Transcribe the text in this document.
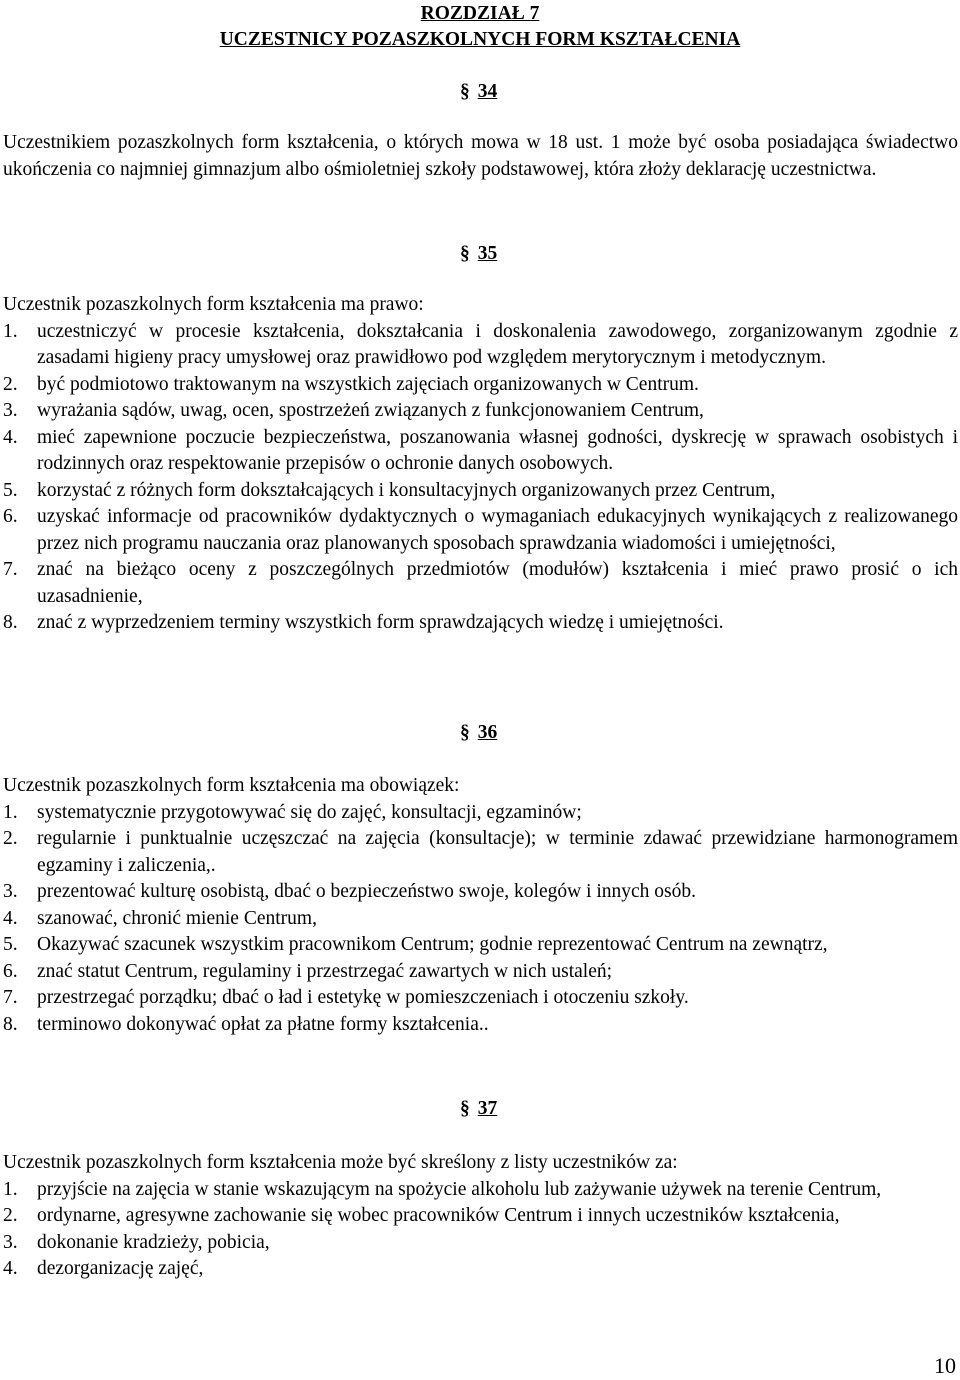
ROZDZIAŁ 7
UCZESTNICY POZASZKOLNYCH FORM KSZTAŁCENIA
§ 34

Uczestnikiem pozaszkolnych form kształcenia, o których mowa w 18 ust. 1 może być osoba posiadająca świadectwo ukończenia co najmniej gimnazjum albo ośmioletniej szkoły podstawowej, która złoży deklarację uczestnictwa.

§ 35

Uczestnik pozaszkolnych form kształcenia ma prawo:

1. uczestniczyć w procesie kształcenia, dokształcania i doskonalenia zawodowego, zorganizowanym zgodnie z zasadami higieny pracy umysłowej oraz prawidłowo pod względem merytorycznym i metodycznym.
2. być podmiotowo traktowanym na wszystkich zajęciach organizowanych w Centrum.
3. wyrażania sądów, uwag, ocen, spostrzeżeń związanych z funkcjonowaniem Centrum,
4. mieć zapewnione poczucie bezpieczeństwa, poszanowania własnej godności, dyskrecję w sprawach osobistych i rodzinnych oraz respektowanie przepisów o ochronie danych osobowych.
5. korzystać z różnych form dokształcających i konsultacyjnych organizowanych przez Centrum,
6. uzyskać informacje od pracowników dydaktycznych o wymaganiach edukacyjnych wynikających z realizowanego przez nich programu nauczania oraz planowanych sposobach sprawdzania wiadomości i umiejętności,
7. znać na bieżąco oceny z poszczególnych przedmiotów (modułów) kształcenia i mieć prawo prosić o ich uzasadnienie,
8. znać z wyprzedzeniem terminy wszystkich form sprawdzających wiedzę i umiejętności.
§ 36

Uczestnik pozaszkolnych form kształcenia ma obowiązek:

1. systematycznie przygotowywać się do zajęć, konsultacji, egzaminów;
2. regularnie i punktualnie uczęszczać na zajęcia (konsultacje); w terminie zdawać przewidziane harmonogramem egzaminy i zaliczenia,.
3. prezentować kulturę osobistą, dbać o bezpieczeństwo swoje, kolegów i innych osób.
4. szanować, chronić mienie Centrum,
5. Okazywać szacunek wszystkim pracownikom Centrum; godnie reprezentować Centrum na zewnątrz,
6. znać statut Centrum, regulaminy i przestrzegać zawartych w nich ustaleń;
7. przestrzegać porządku; dbać o ład i estetykę w pomieszczeniach i otoczeniu szkoły.
8. terminowo dokonywać opłat za płatne formy kształcenia..
§ 37

Uczestnik pozaszkolnych form kształcenia może być skreślony z listy uczestników za:

1. przyjście na zajęcia w stanie wskazującym na spożycie alkoholu lub zażywanie używek na terenie Centrum,
2. ordynarne, agresywne zachowanie się wobec pracowników Centrum i innych uczestników kształcenia,
3. dokonanie kradzieży, pobicia,
4. dezorganizację zajęć,
10
